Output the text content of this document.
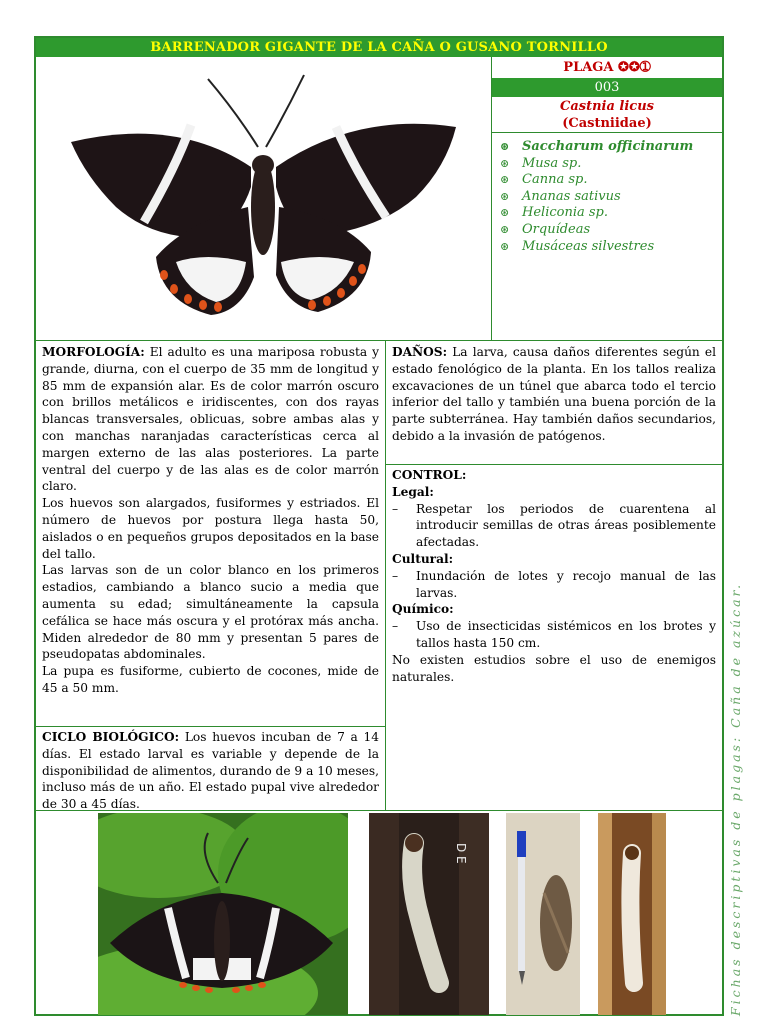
BARRENADOR GIGANTE DE LA CAÑA O GUSANO TORNILLO
PLAGA ✪✪➀
003
Castnia licus
(Castniidae)
⊛ Saccharum officinarum
⊛ Musa sp.
⊛ Canna sp.
⊛ Ananas sativus
⊛ Heliconia sp.
⊛ Orquídeas
⊛ Musáceas silvestres

MORFOLOGÍA: El adulto es una mariposa robusta y grande, diurna, con el cuerpo de 35 mm de longitud y 85 mm de expansión alar. Es de color marrón oscuro con brillos metálicos e iridiscentes, con dos rayas blancas transversales, oblicuas, sobre ambas alas y con manchas naranjadas características cerca al margen externo de las alas posteriores. La parte ventral del cuerpo y de las alas es de color marrón claro.

Los huevos son alargados, fusiformes y estriados. El número de huevos por postura llega hasta 50, aislados o en pequeños grupos depositados en la base del tallo.

Las larvas son de un color blanco en los primeros estadios, cambiando a blanco sucio a media que aumenta su edad; simultáneamente la capsula cefálica se hace más oscura y el protórax más ancha. Miden alrededor de 80 mm y presentan 5 pares de pseudopatas abdominales.

La pupa es fusiforme, cubierto de cocones, mide de 45 a 50 mm.

CICLO BIOLÓGICO: Los huevos incuban de 7 a 14 días. El estado larval es variable y depende de la disponibilidad de alimentos, durando de 9 a 10 meses, incluso más de un año. El estado pupal vive alrededor de 30 a 45 días.

DAÑOS: La larva, causa daños diferentes según el estado fenológico de la planta. En los tallos realiza excavaciones de un túnel que abarca todo el tercio inferior del tallo y también una buena porción de la parte subterránea. Hay también daños secundarios, debido a la invasión de patógenos.

CONTROL:
Legal:
–	Respetar los periodos de cuarentena al introducir semillas de otras áreas posiblemente afectadas.
Cultural:
–	Inundación de lotes y recojo manual de las larvas.
Químico:
–	Uso de insecticidas sistémicos en los brotes y tallos hasta 150 cm.

No existen estudios sobre el uso de enemigos naturales.

D E	Fichas descriptivas de plagas: Caña de azúcar.
